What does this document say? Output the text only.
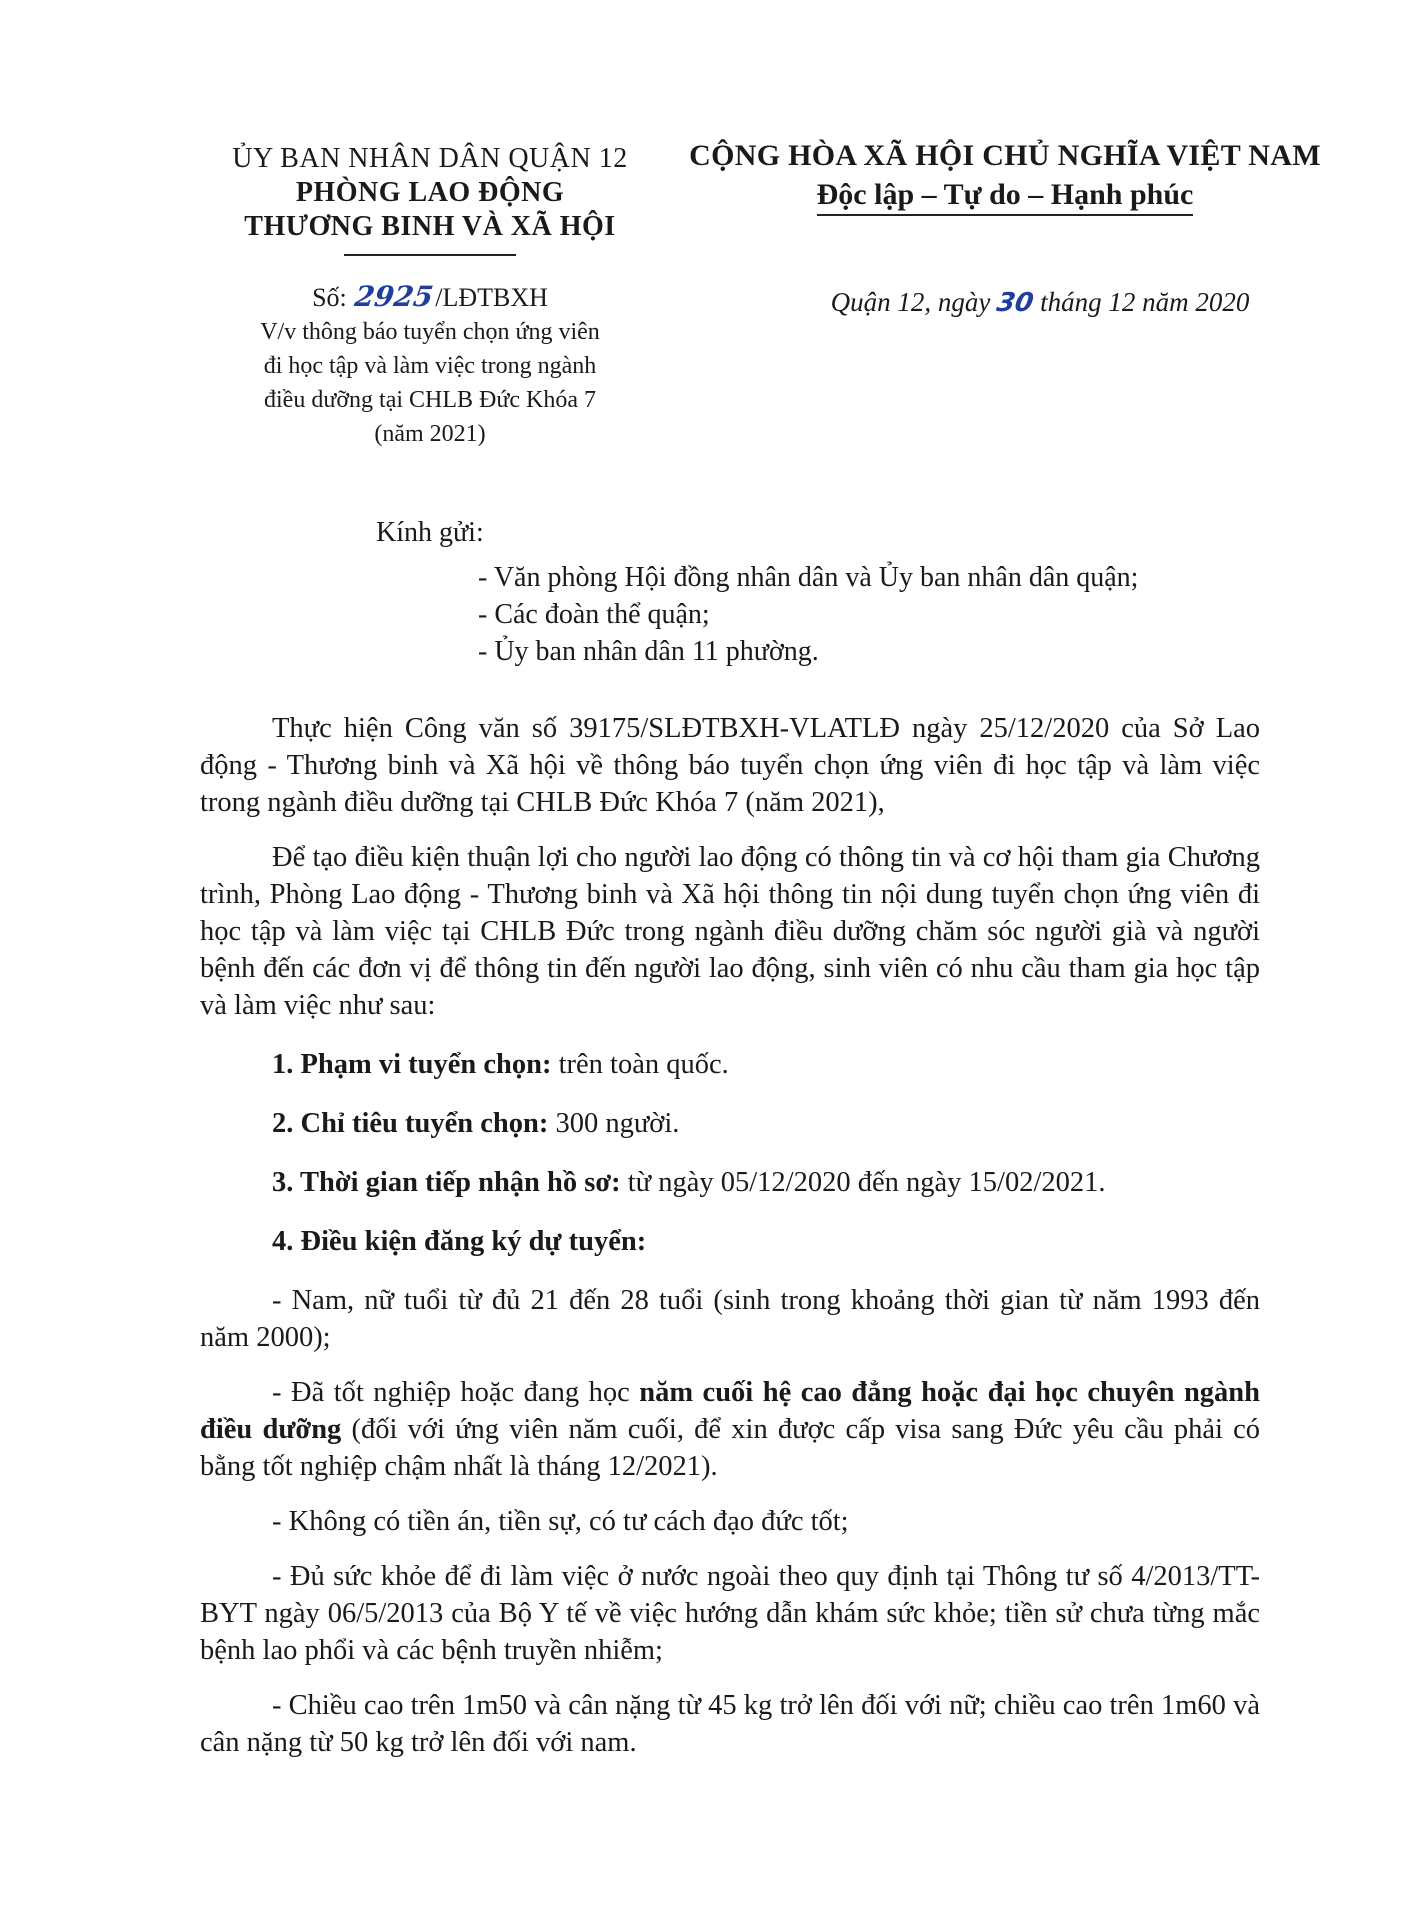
ỦY BAN NHÂN DÂN QUẬN 12
PHÒNG LAO ĐỘNG
THƯƠNG BINH VÀ XÃ HỘI
CỘNG HÒA XÃ HỘI CHỦ NGHĨA VIỆT NAM
Độc lập – Tự do – Hạnh phúc
Số: 2925/LĐTBXH
V/v thông báo tuyển chọn ứng viên
đi học tập và làm việc trong ngành
điều dưỡng tại CHLB Đức Khóa 7
(năm 2021)
Quận 12, ngày 30 tháng 12 năm 2020
Kính gửi:
- Văn phòng Hội đồng nhân dân và Ủy ban nhân dân quận;
- Các đoàn thể quận;
- Ủy ban nhân dân 11 phường.

Thực hiện Công văn số 39175/SLĐTBXH-VLATLĐ ngày 25/12/2020 của Sở Lao động - Thương binh và Xã hội về thông báo tuyển chọn ứng viên đi học tập và làm việc trong ngành điều dưỡng tại CHLB Đức Khóa 7 (năm 2021),

Để tạo điều kiện thuận lợi cho người lao động có thông tin và cơ hội tham gia Chương trình, Phòng Lao động - Thương binh và Xã hội thông tin nội dung tuyển chọn ứng viên đi học tập và làm việc tại CHLB Đức trong ngành điều dưỡng chăm sóc người già và người bệnh đến các đơn vị để thông tin đến người lao động, sinh viên có nhu cầu tham gia học tập và làm việc như sau:

1. Phạm vi tuyển chọn: trên toàn quốc.

2. Chỉ tiêu tuyển chọn: 300 người.

3. Thời gian tiếp nhận hồ sơ: từ ngày 05/12/2020 đến ngày 15/02/2021.

4. Điều kiện đăng ký dự tuyển:

- Nam, nữ tuổi từ đủ 21 đến 28 tuổi (sinh trong khoảng thời gian từ năm 1993 đến năm 2000);

- Đã tốt nghiệp hoặc đang học năm cuối hệ cao đẳng hoặc đại học chuyên ngành điều dưỡng (đối với ứng viên năm cuối, để xin được cấp visa sang Đức yêu cầu phải có bằng tốt nghiệp chậm nhất là tháng 12/2021).

- Không có tiền án, tiền sự, có tư cách đạo đức tốt;

- Đủ sức khỏe để đi làm việc ở nước ngoài theo quy định tại Thông tư số 4/2013/TT-BYT ngày 06/5/2013 của Bộ Y tế về việc hướng dẫn khám sức khỏe; tiền sử chưa từng mắc bệnh lao phổi và các bệnh truyền nhiễm;

- Chiều cao trên 1m50 và cân nặng từ 45 kg trở lên đối với nữ; chiều cao trên 1m60 và cân nặng từ 50 kg trở lên đối với nam.
